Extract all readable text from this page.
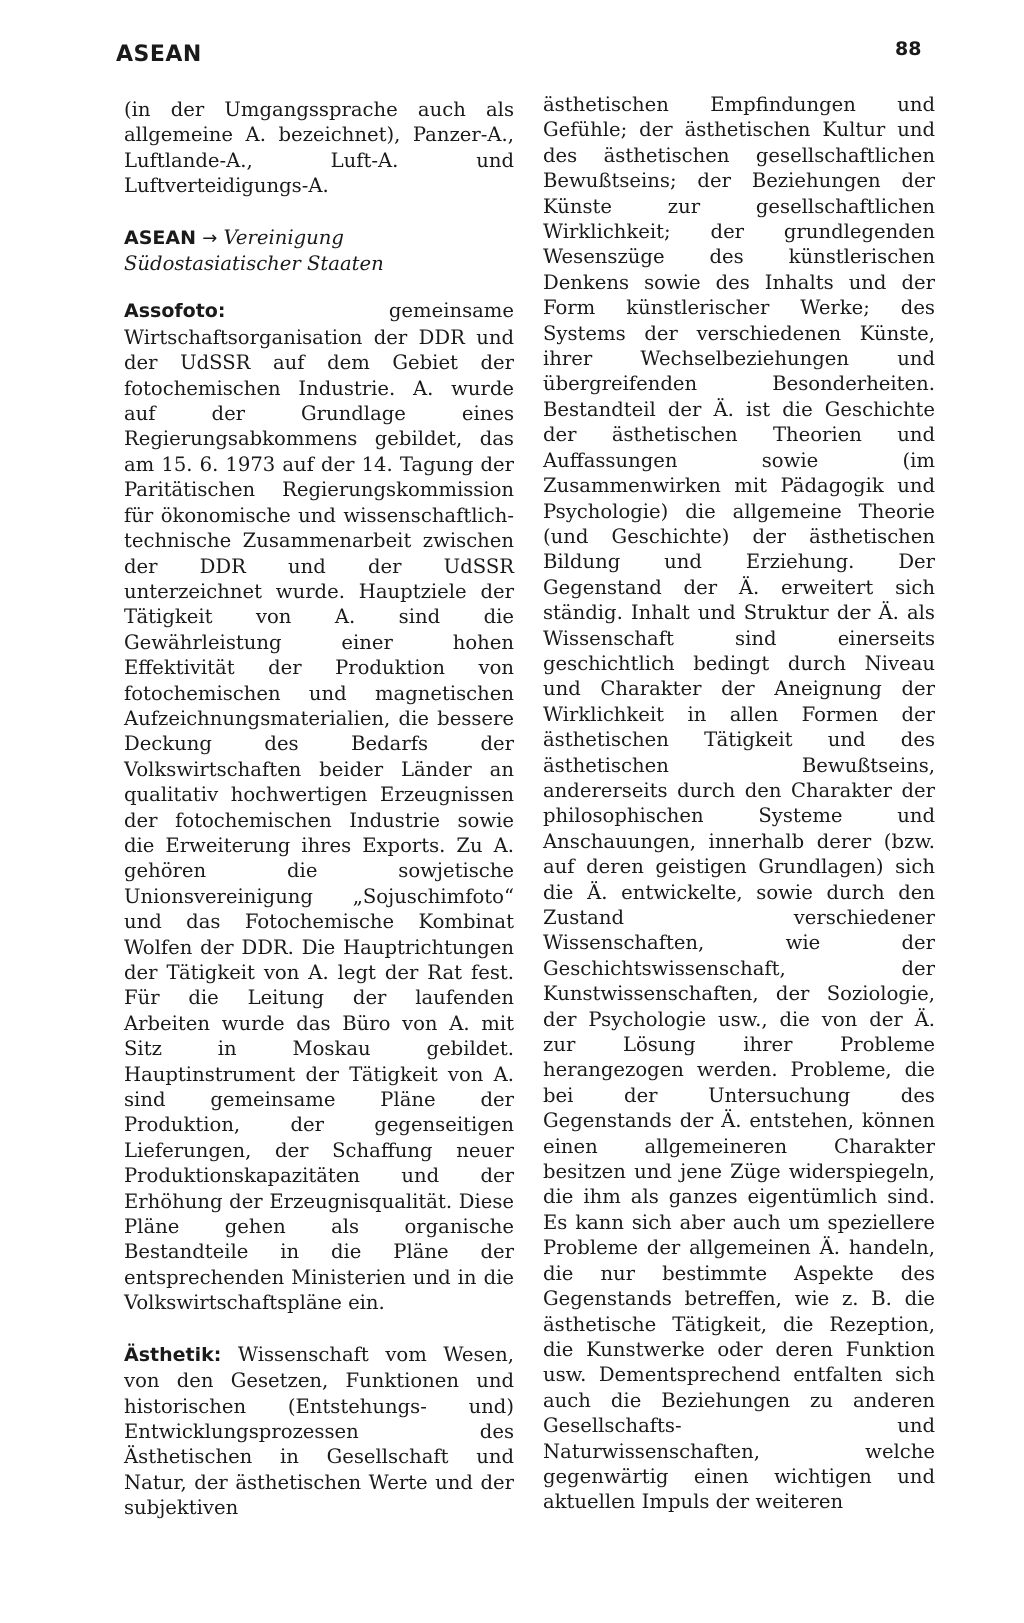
ASEAN	88

(in der Umgangssprache auch als allgemeine A. bezeichnet), Panzer-A., Luftlande-A., Luft-A. und Luftverteidigungs-A.

ASEAN → Vereinigung Südostasiatischer Staaten

Assofoto:	gemeinsame Wirtschaftsorganisation der DDR und der UdSSR auf dem Gebiet der fotochemischen Industrie. A. wurde auf der Grundlage eines Regierungsabkommens gebildet, das am 15. 6. 1973 auf der 14. Tagung der Paritätischen Regierungskommission für ökonomische und wissenschaftlich-technische Zusammenarbeit zwischen der DDR und der UdSSR unterzeichnet wurde. Hauptziele der Tätigkeit von A. sind die Gewährleistung einer hohen Effektivität der Produktion von fotochemischen und magnetischen Aufzeichnungsmaterialien, die bessere Deckung des Bedarfs der Volkswirtschaften beider Länder an qualitativ hochwertigen Erzeugnissen der fotochemischen Industrie sowie die Erweiterung ihres Exports. Zu A. gehören die sowjetische Unionsvereinigung „Sojuschimfoto“ und das Fotochemische Kombinat Wolfen der DDR. Die Hauptrichtungen der Tätigkeit von A. legt der Rat fest. Für die Leitung der laufenden Arbeiten wurde das Büro von A. mit Sitz in Moskau gebildet. Hauptinstrument der Tätigkeit von A. sind gemeinsame Pläne der Produktion, der gegenseitigen Lieferungen, der Schaffung neuer Produktionskapazitäten und der Erhöhung der Erzeugnisqualität. Diese Pläne gehen als organische Bestandteile in die Pläne der entsprechenden Ministerien und in die Volkswirtschaftspläne ein.

Ästhetik: Wissenschaft vom Wesen, von den Gesetzen, Funktionen und historischen (Entstehungs- und) Entwicklungsprozessen des Ästhetischen in Gesellschaft und Natur, der ästhetischen Werte und der subjektiven

ästhetischen Empfindungen und Gefühle; der ästhetischen Kultur und des ästhetischen gesellschaftlichen Bewußtseins; der Beziehungen der Künste zur gesellschaftlichen Wirklichkeit; der grundlegenden Wesenszüge des künstlerischen Denkens sowie des Inhalts und der Form künstlerischer Werke; des Systems der verschiedenen Künste, ihrer Wechselbeziehungen und übergreifenden Besonderheiten. Bestandteil der Ä. ist die Geschichte der ästhetischen Theorien und Auffassungen sowie (im Zusammenwirken mit Pädagogik und Psychologie) die allgemeine Theorie (und Geschichte) der ästhetischen Bildung und Erziehung. Der Gegenstand der Ä. erweitert sich ständig. Inhalt und Struktur der Ä. als Wissenschaft sind einerseits geschichtlich bedingt durch Niveau und Charakter der Aneignung der Wirklichkeit in allen Formen der ästhetischen Tätigkeit und des ästhetischen Bewußtseins, andererseits durch den Charakter der philosophischen Systeme und Anschauungen, innerhalb derer (bzw. auf deren geistigen Grundlagen) sich die Ä. entwickelte, sowie durch den Zustand verschiedener Wissenschaften, wie der Geschichtswissenschaft, der Kunstwissenschaften, der Soziologie, der Psychologie usw., die von der Ä. zur Lösung ihrer Probleme herangezogen werden. Probleme, die bei der Untersuchung des Gegenstands der Ä. entstehen, können einen allgemeineren Charakter besitzen und jene Züge widerspiegeln, die ihm als ganzes eigentümlich sind. Es kann sich aber auch um speziellere Probleme der allgemeinen Ä. handeln, die nur bestimmte Aspekte des Gegenstands betreffen, wie z. B. die ästhetische Tätigkeit, die Rezeption, die Kunstwerke oder deren Funktion usw. Dementsprechend entfalten sich auch die Beziehungen zu anderen Gesellschafts- und Naturwissenschaften, welche gegenwärtig einen wichtigen und aktuellen Impuls der weiteren
